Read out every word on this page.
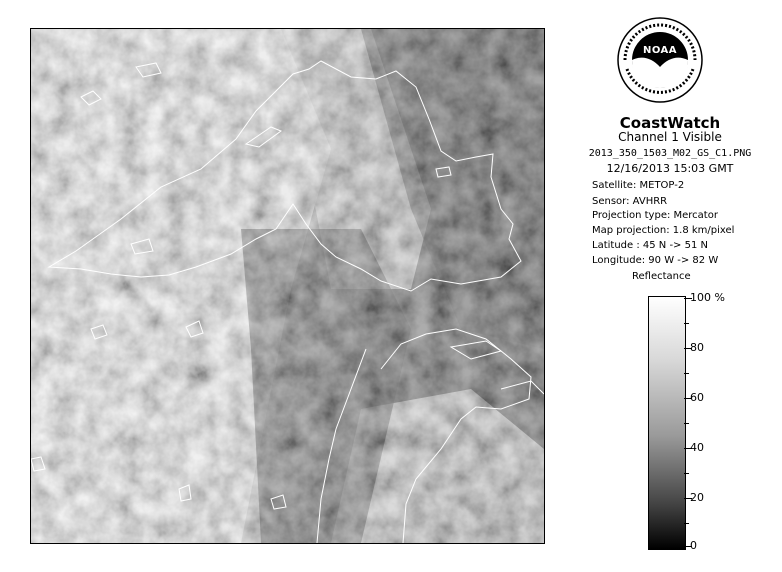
NOAA
CoastWatch
Channel 1 Visible
2013_350_1503_M02_GS_C1.PNG
12/16/2013 15:03 GMT
Satellite: METOP-2
Sensor: AVHRR
Projection type: Mercator
Map projection: 1.8 km/pixel
Latitude : 45 N -> 51 N
Longitude: 90 W -> 82 W
Reflectance
100 %
80
60
40
20
0
